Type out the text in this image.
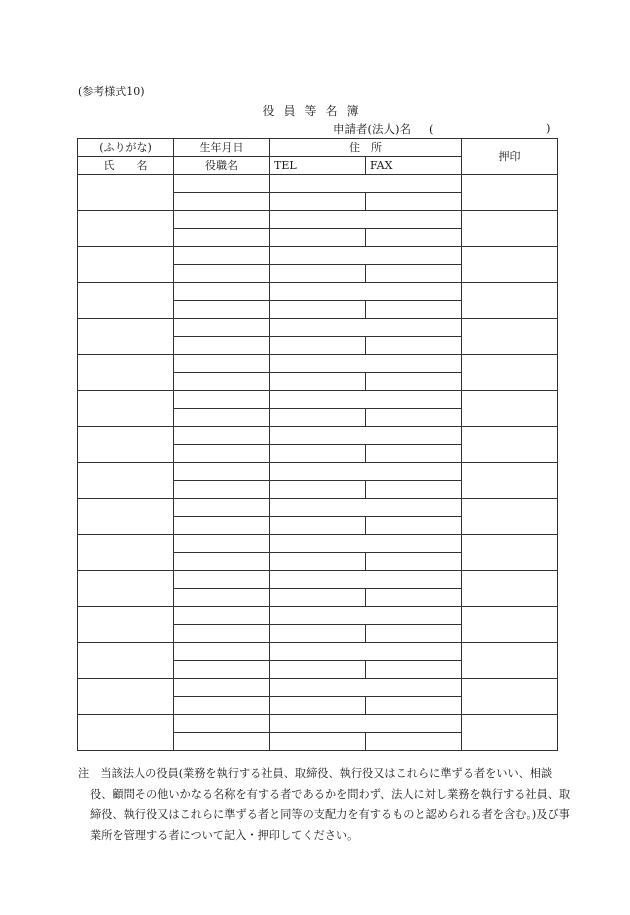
(参考様式10)
役員等名簿
申請者(法人)名 (	)
(ふりがな)	生年月日	住　所		押印
氏　　名	役職名	TEL	FAX	

注　当該法人の役員(業務を執行する社員、取締役、執行役又はこれらに準ずる者をいい、相談役、顧問その他いかなる名称を有する者であるかを問わず、法人に対し業務を執行する社員、取締役、執行役又はこれらに準ずる者と同等の支配力を有するものと認められる者を含む。)及び事業所を管理する者について記入・押印してください。
